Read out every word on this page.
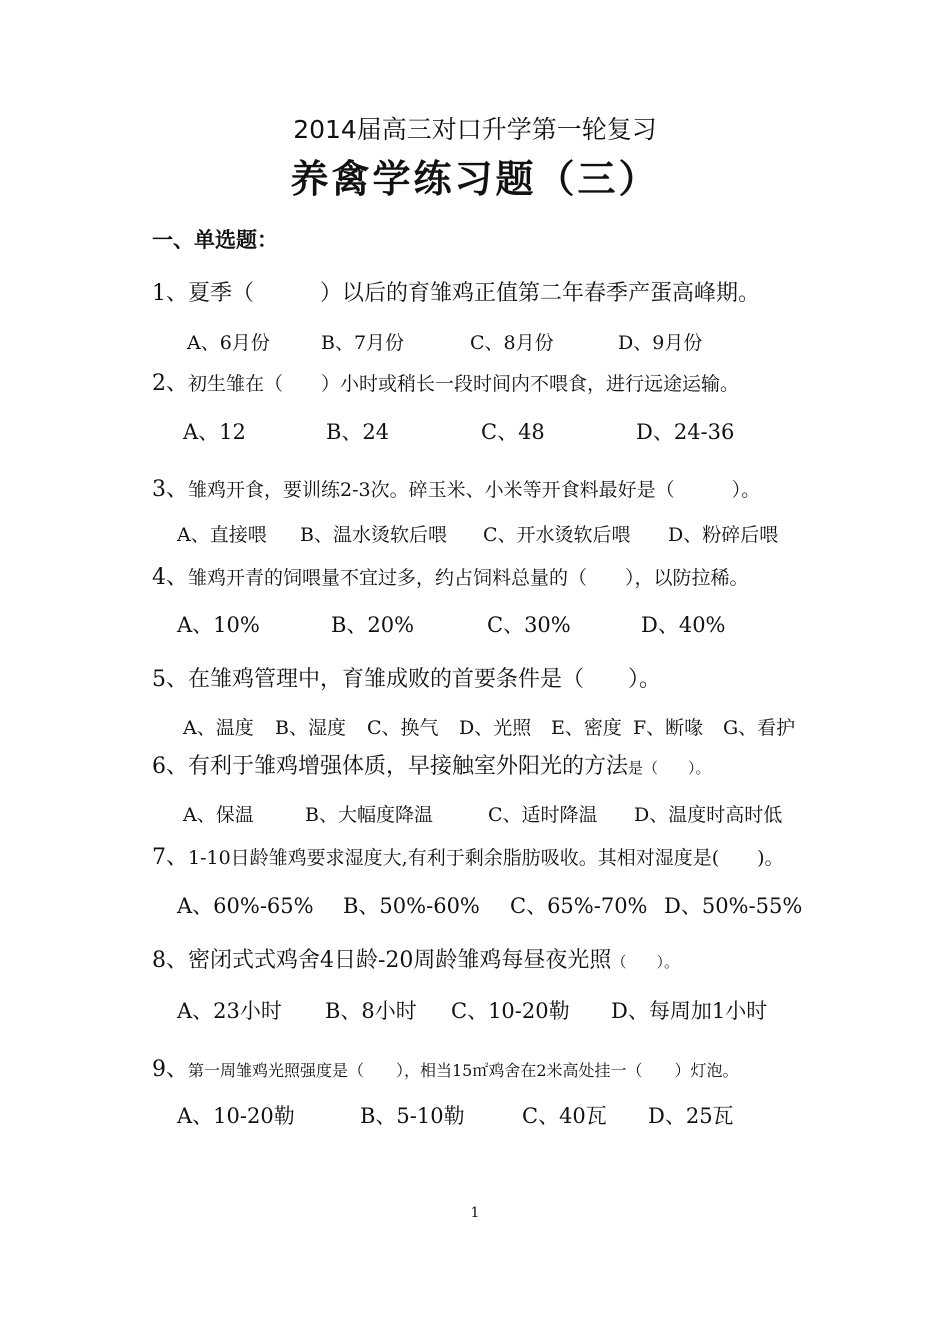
2014届高三对口升学第一轮复习
养禽学练习题（三）
一、单选题：
1、夏季（　　　）以后的育雏鸡正值第二年春季产蛋高峰期。
A、6月份	B、7月份	C、8月份	D、9月份
2、初生雏在（　　）小时或稍长一段时间内不喂食，进行远途运输。
A、12	B、24	C、48	D、24-36
3、雏鸡开食，要训练2-3次。碎玉米、小米等开食料最好是（　　　）。
A、直接喂 B、温水烫软后喂 C、开水烫软后喂 D、粉碎后喂
4、雏鸡开青的饲喂量不宜过多，约占饲料总量的（　　），以防拉稀。
A、10%	B、20%	C、30%	D、40%
5、在雏鸡管理中，育雏成败的首要条件是（　　）。
A、温度 B、湿度 C、换气 D、光照 E、密度 F、断喙 G、看护
6、有利于雏鸡增强体质，早接触室外阳光的方法是（　　）。
A、保温	B、大幅度降温	C、适时降温 D、温度时高时低
7、1-10日龄雏鸡要求湿度大,有利于剩余脂肪吸收。其相对湿度是(　　)。
A、60%-65% B、50%-60% C、65%-70% D、50%-55%
8、密闭式式鸡舍4日龄-20周龄雏鸡每昼夜光照（　　）。
A、23小时 B、8小时 C、10-20勒 D、每周加1小时
9、第一周雏鸡光照强度是（　　），相当15㎡鸡舍在2米高处挂一（　　）灯泡。
A、10-20勒	B、5-10勒	C、40瓦 D、25瓦
1
